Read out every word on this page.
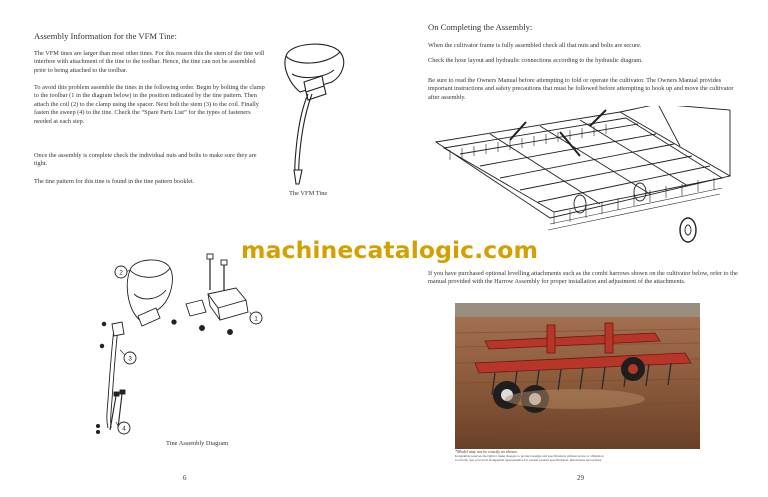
Assembly Information for the VFM Tine:
The VFM tines are larger than most other tines. For this reason this the stem of the tine will interfere with attachment of the tine to the toolbar. Hence, the tine can not be assembled prior to being attached to the toolbar.
To avoid this problem assemble the tines in the following order. Begin by bolting the clamp to the toolbar (1 in the diagram below) in the position indicated by the tine pattern. Then attach the coil (2) to the clamp using the spacer. Next bolt the stem (3) to the coil. Finally fasten the sweep (4) to the tine. Check the “Spare Parts List” for the types of fasteners needed at each step.
Once the assembly is complete check the individual nuts and bolts to make sure they are tight.
The tine pattern for this tine is found in the tine pattern booklet.
The VFM Tine
1
2
3
4
Tine Assembly Diagram
6
On Completing the Assembly:
When the cultivator frame is fully assembled check all that nuts and bolts are secure.
Check the hose layout and hydraulic connections according to the hydraulic diagram.
Be sure to read the Owners Manual before attempting to fold or operate the cultivator. The Owners Manual provides important instructions and safety precautions that must be followed before attempting to hook up and move the cultivator after assembly.
If you have purchased optional levelling attachments such as the combi harrows shown on the cultivator below, refer to the manual provided with the Harrow Assembly for proper installation and adjustment of the attachments.
29
*Model may not be exactly as shown.
Kongskilde reserves the right to make changes to product designs and specifications without notice or obligation to retrofit. See your local Kongskilde representative for current product specifications, instructions and options.
machinecatalogic.com
